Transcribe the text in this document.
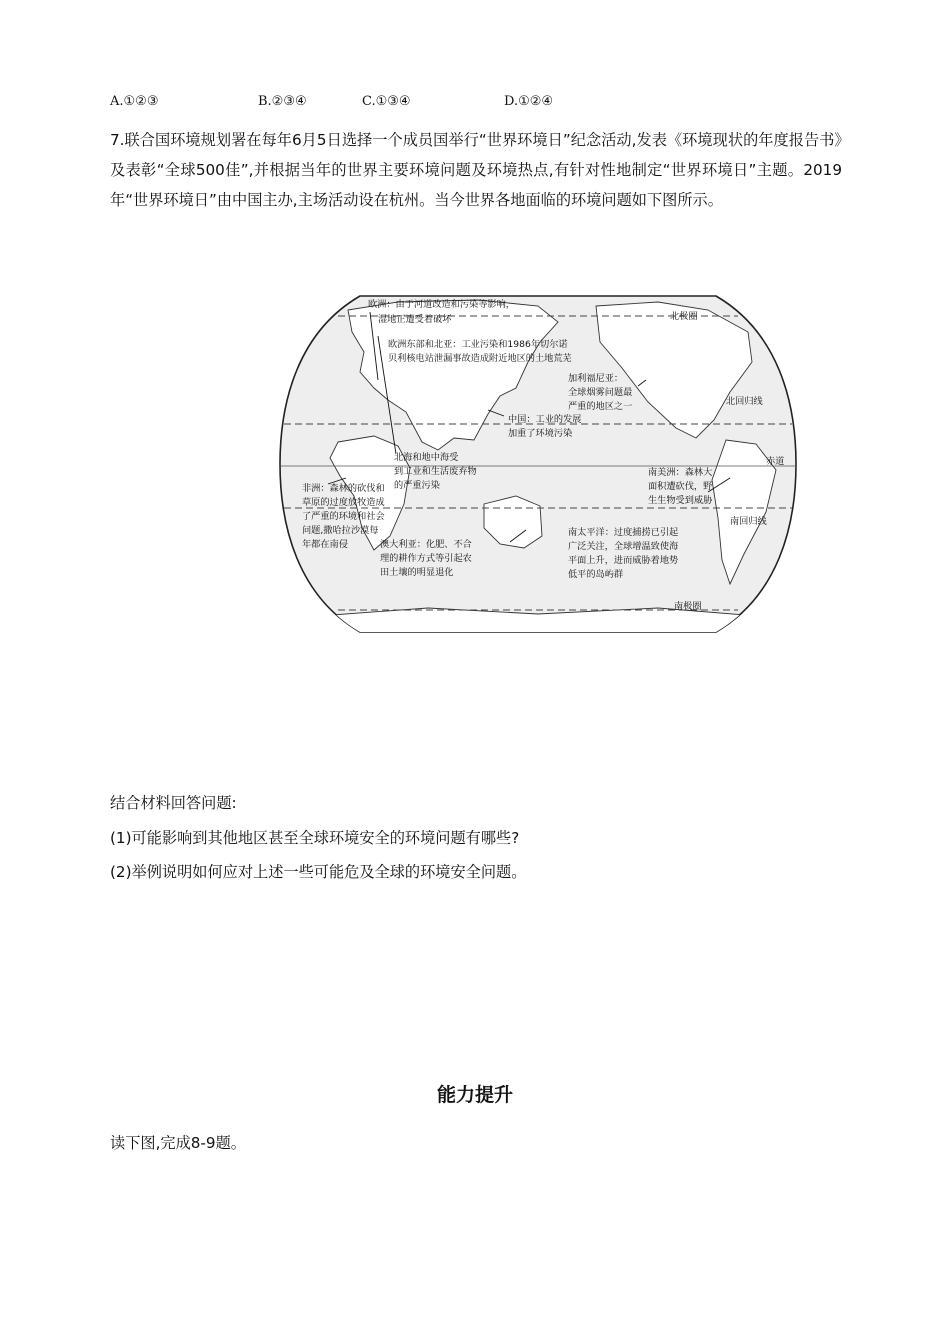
A.①②③	B.②③④	C.①③④	D.①②④

7.联合国环境规划署在每年6月5日选择一个成员国举行“世界环境日”纪念活动,发表《环境现状的年度报告书》及表彰“全球500佳”,并根据当年的世界主要环境问题及环境热点,有针对性地制定“世界环境日”主题。2019年“世界环境日”由中国主办,主场活动设在杭州。当今世界各地面临的环境问题如下图所示。

欧洲：由于河道改造和污染等影响，
湿地正遭受着破坏
欧洲东部和北亚：工业污染和1986年切尔诺
贝利核电站泄漏事故造成附近地区的土地荒芜
加利福尼亚：
全球烟雾问题最
严重的地区之一
中国：工业的发展
加重了环境污染
北海和地中海受
到工业和生活废弃物
的严重污染
非洲：森林的砍伐和
草原的过度放牧造成
了严重的环境和社会
问题,撒哈拉沙漠每
年都在南侵	澳大利亚：化肥、不合
理的耕作方式等引起农
田土壤的明显退化
南太平洋：过度捕捞已引起
广泛关注，全球增温致使海
平面上升，进而威胁着地势
低平的岛屿群
南美洲：森林大
面积遭砍伐，野
生生物受到威胁
北极圈
北回归线
赤道
南回归线
南极圈
结合材料回答问题:
(1)可能影响到其他地区甚至全球环境安全的环境问题有哪些?
(2)举例说明如何应对上述一些可能危及全球的环境安全问题。
能力提升
读下图,完成8-9题。
